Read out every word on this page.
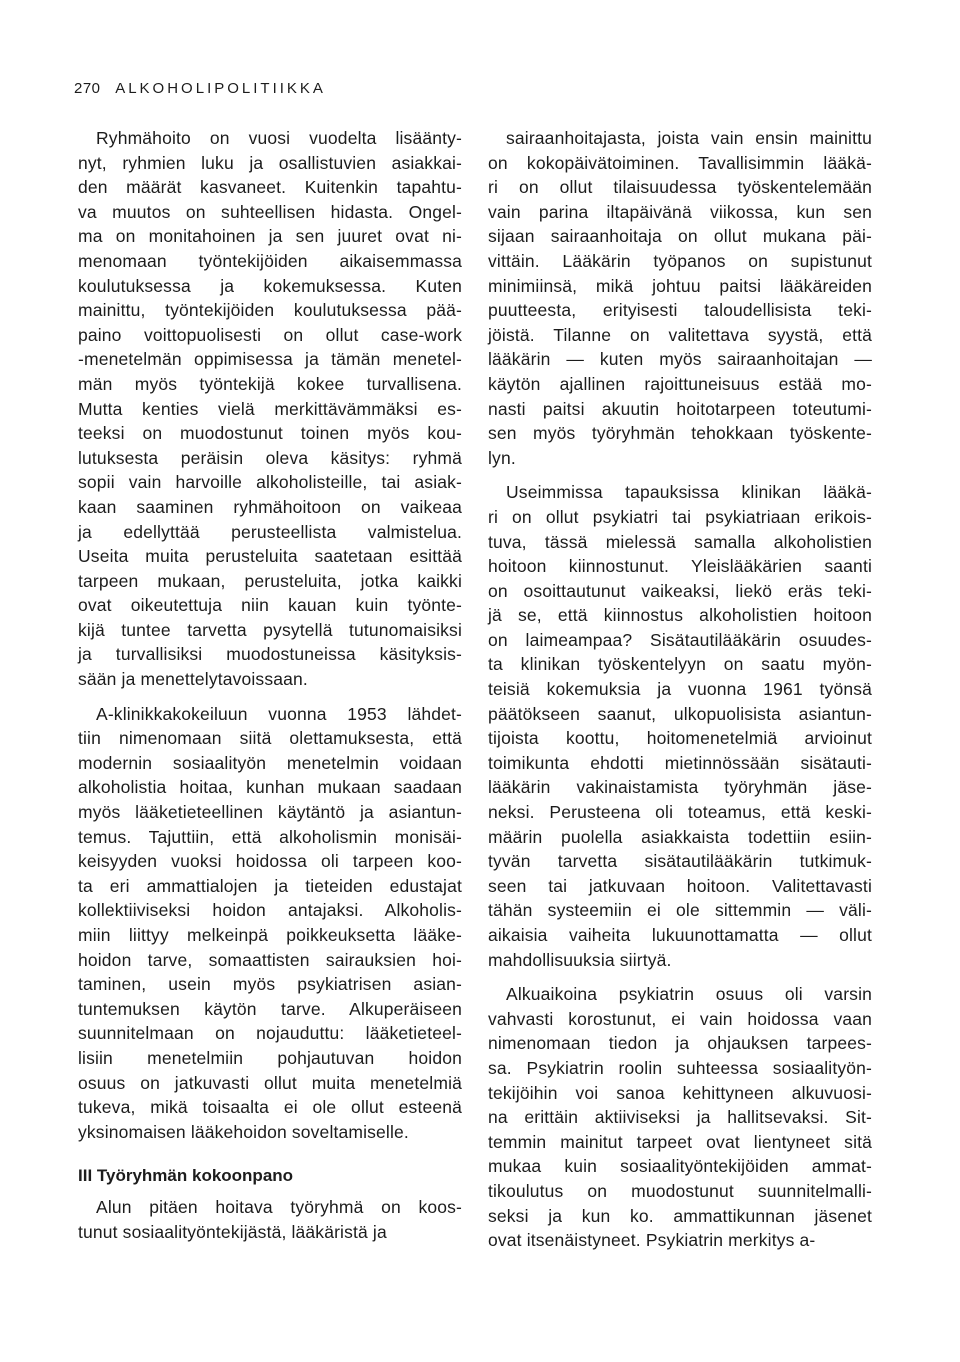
270 ALKOHOLIPOLITIIKKA
Ryhmähoito on vuosi vuodelta lisäänty-
nyt, ryhmien luku ja osallistuvien asiakkai-
den määrät kasvaneet. Kuitenkin tapahtu-
va muutos on suhteellisen hidasta. Ongel-
ma on monitahoinen ja sen juuret ovat ni-
menomaan työntekijöiden aikaisemmassa
koulutuksessa ja kokemuksessa. Kuten
mainittu, työntekijöiden koulutuksessa pää-
paino voittopuolisesti on ollut case-work
-menetelmän oppimisessa ja tämän menetel-
män myös työntekijä kokee turvallisena.
Mutta kenties vielä merkittävämmäksi es-
teeksi on muodostunut toinen myös kou-
lutuksesta peräisin oleva käsitys: ryhmä
sopii vain harvoille alkoholisteille, tai asiak-
kaan saaminen ryhmähoitoon on vaikeaa
ja edellyttää perusteellista valmistelua.
Useita muita perusteluita saatetaan esittää
tarpeen mukaan, perusteluita, jotka kaikki
ovat oikeutettuja niin kauan kuin työnte-
kijä tuntee tarvetta pysytellä tutunomaisiksi
ja turvallisiksi muodostuneissa käsityksis-
sään ja menettelytavoissaan.
A-klinikkakokeiluun vuonna 1953 lähdet-
tiin nimenomaan siitä olettamuksesta, että
modernin sosiaalityön menetelmin voidaan
alkoholistia hoitaa, kunhan mukaan saadaan
myös lääketieteellinen käytäntö ja asiantun-
temus. Tajuttiin, että alkoholismin monisäi-
keisyyden vuoksi hoidossa oli tarpeen koo-
ta eri ammattialojen ja tieteiden edustajat
kollektiiviseksi hoidon antajaksi. Alkoholis-
miin liittyy melkeinpä poikkeuksetta lääke-
hoidon tarve, somaattisten sairauksien hoi-
taminen, usein myös psykiatrisen asian-
tuntemuksen käytön tarve. Alkuperäiseen
suunnitelmaan on nojauduttu: lääketieteel-
lisiin menetelmiin pohjautuvan hoidon
osuus on jatkuvasti ollut muita menetelmiä
tukeva, mikä toisaalta ei ole ollut esteenä
yksinomaisen lääkehoidon soveltamiselle.
III Työryhmän kokoonpano
Alun pitäen hoitava työryhmä on koos-
tunut sosiaalityöntekijästä, lääkäristä ja
sairaanhoitajasta, joista vain ensin mainittu
on kokopäivätoiminen. Tavallisimmin lääkä-
ri on ollut tilaisuudessa työskentelemään
vain parina iltapäivänä viikossa, kun sen
sijaan sairaanhoitaja on ollut mukana päi-
vittäin. Lääkärin työpanos on supistunut
minimiinsä, mikä johtuu paitsi lääkäreiden
puutteesta, erityisesti taloudellisista teki-
jöistä. Tilanne on valitettava syystä, että
lääkärin — kuten myös sairaanhoitajan —
käytön ajallinen rajoittuneisuus estää mo-
nasti paitsi akuutin hoitotarpeen toteutumi-
sen myös työryhmän tehokkaan työskente-
lyn.
Useimmissa tapauksissa klinikan lääkä-
ri on ollut psykiatri tai psykiatriaan erikois-
tuva, tässä mielessä samalla alkoholistien
hoitoon kiinnostunut. Yleislääkärien saanti
on osoittautunut vaikeaksi, liekö eräs teki-
jä se, että kiinnostus alkoholistien hoitoon
on laimeampaa? Sisätautilääkärin osuudes-
ta klinikan työskentelyyn on saatu myön-
teisiä kokemuksia ja vuonna 1961 työnsä
päätökseen saanut, ulkopuolisista asiantun-
tijoista koottu, hoitomenetelmiä arvioinut
toimikunta ehdotti mietinnössään sisätauti-
lääkärin vakinaistamista työryhmän jäse-
neksi. Perusteena oli toteamus, että keski-
määrin puolella asiakkaista todettiin esiin-
tyvän tarvetta sisätautilääkärin tutkimuk-
seen tai jatkuvaan hoitoon. Valitettavasti
tähän systeemiin ei ole sittemmin — väli-
aikaisia vaiheita lukuunottamatta — ollut
mahdollisuuksia siirtyä.
Alkuaikoina psykiatrin osuus oli varsin
vahvasti korostunut, ei vain hoidossa vaan
nimenomaan tiedon ja ohjauksen tarpees-
sa. Psykiatrin roolin suhteessa sosiaalityön-
tekijöihin voi sanoa kehittyneen alkuvuosi-
na erittäin aktiiviseksi ja hallitsevaksi. Sit-
temmin mainitut tarpeet ovat lientyneet sitä
mukaa kuin sosiaalityöntekijöiden ammat-
tikoulutus on muodostunut suunnitelmalli-
seksi ja kun ko. ammattikunnan jäsenet
ovat itsenäistyneet. Psykiatrin merkitys a-
